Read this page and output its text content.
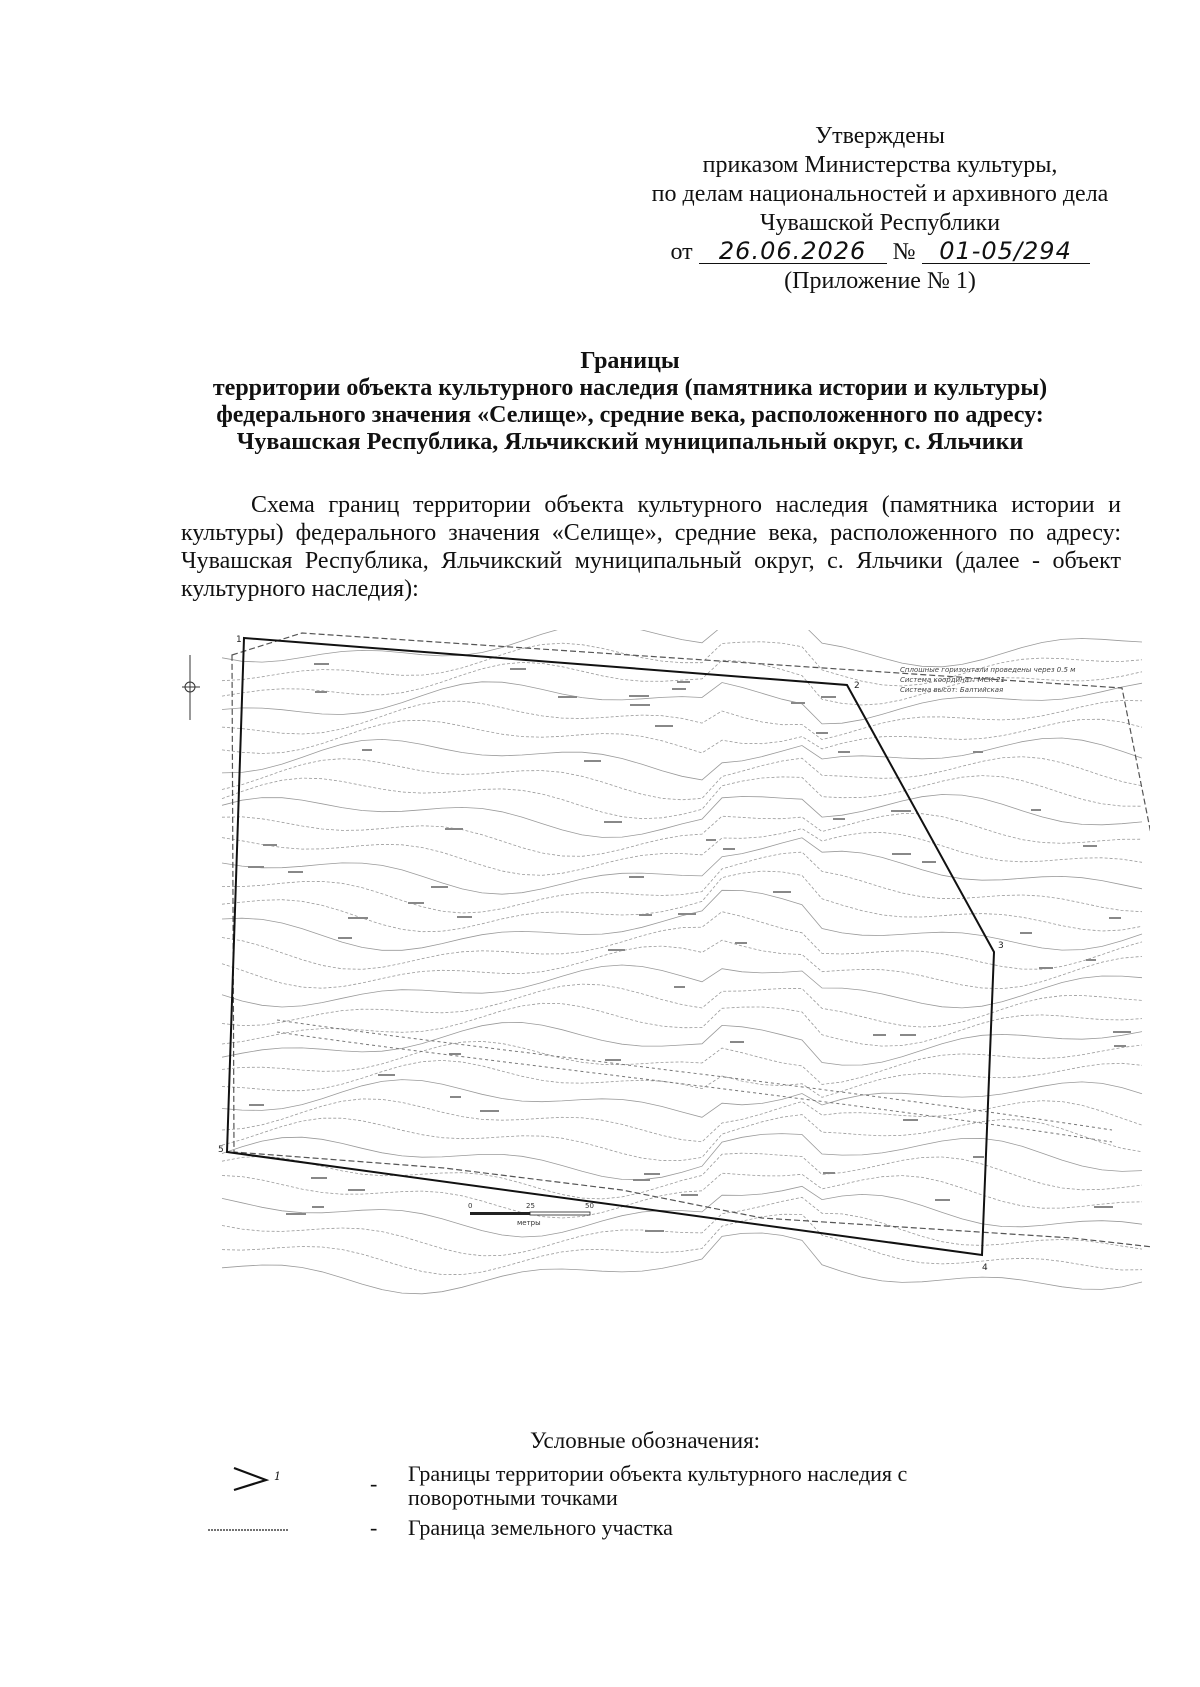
Утверждены
приказом Министерства культуры,
по делам национальностей и архивного дела
Чувашской Республики
от 26.06.2026 № 01-05/294
(Приложение № 1)
Границы
территории объекта культурного наследия (памятника истории и культуры)
федерального значения «Селище», средние века, расположенного по адресу:
Чувашская Республика, Яльчикский муниципальный округ, с. Яльчики
Схема границ территории объекта культурного наследия (памятника истории и культуры) федерального значения «Селище», средние века, расположенного по адресу: Чувашская Республика, Яльчикский муниципальный округ, с. Яльчики (далее - объект культурного наследия):
Сплошные горизонтали проведены через 0.5 м
Система координат: МСК-21
Система высот: Балтийская
1
2
3
4
5
0	25	50
метры
Условные обозначения:
1	- Границы территории объекта культурного наследия с поворотными точками
- Граница земельного участка
